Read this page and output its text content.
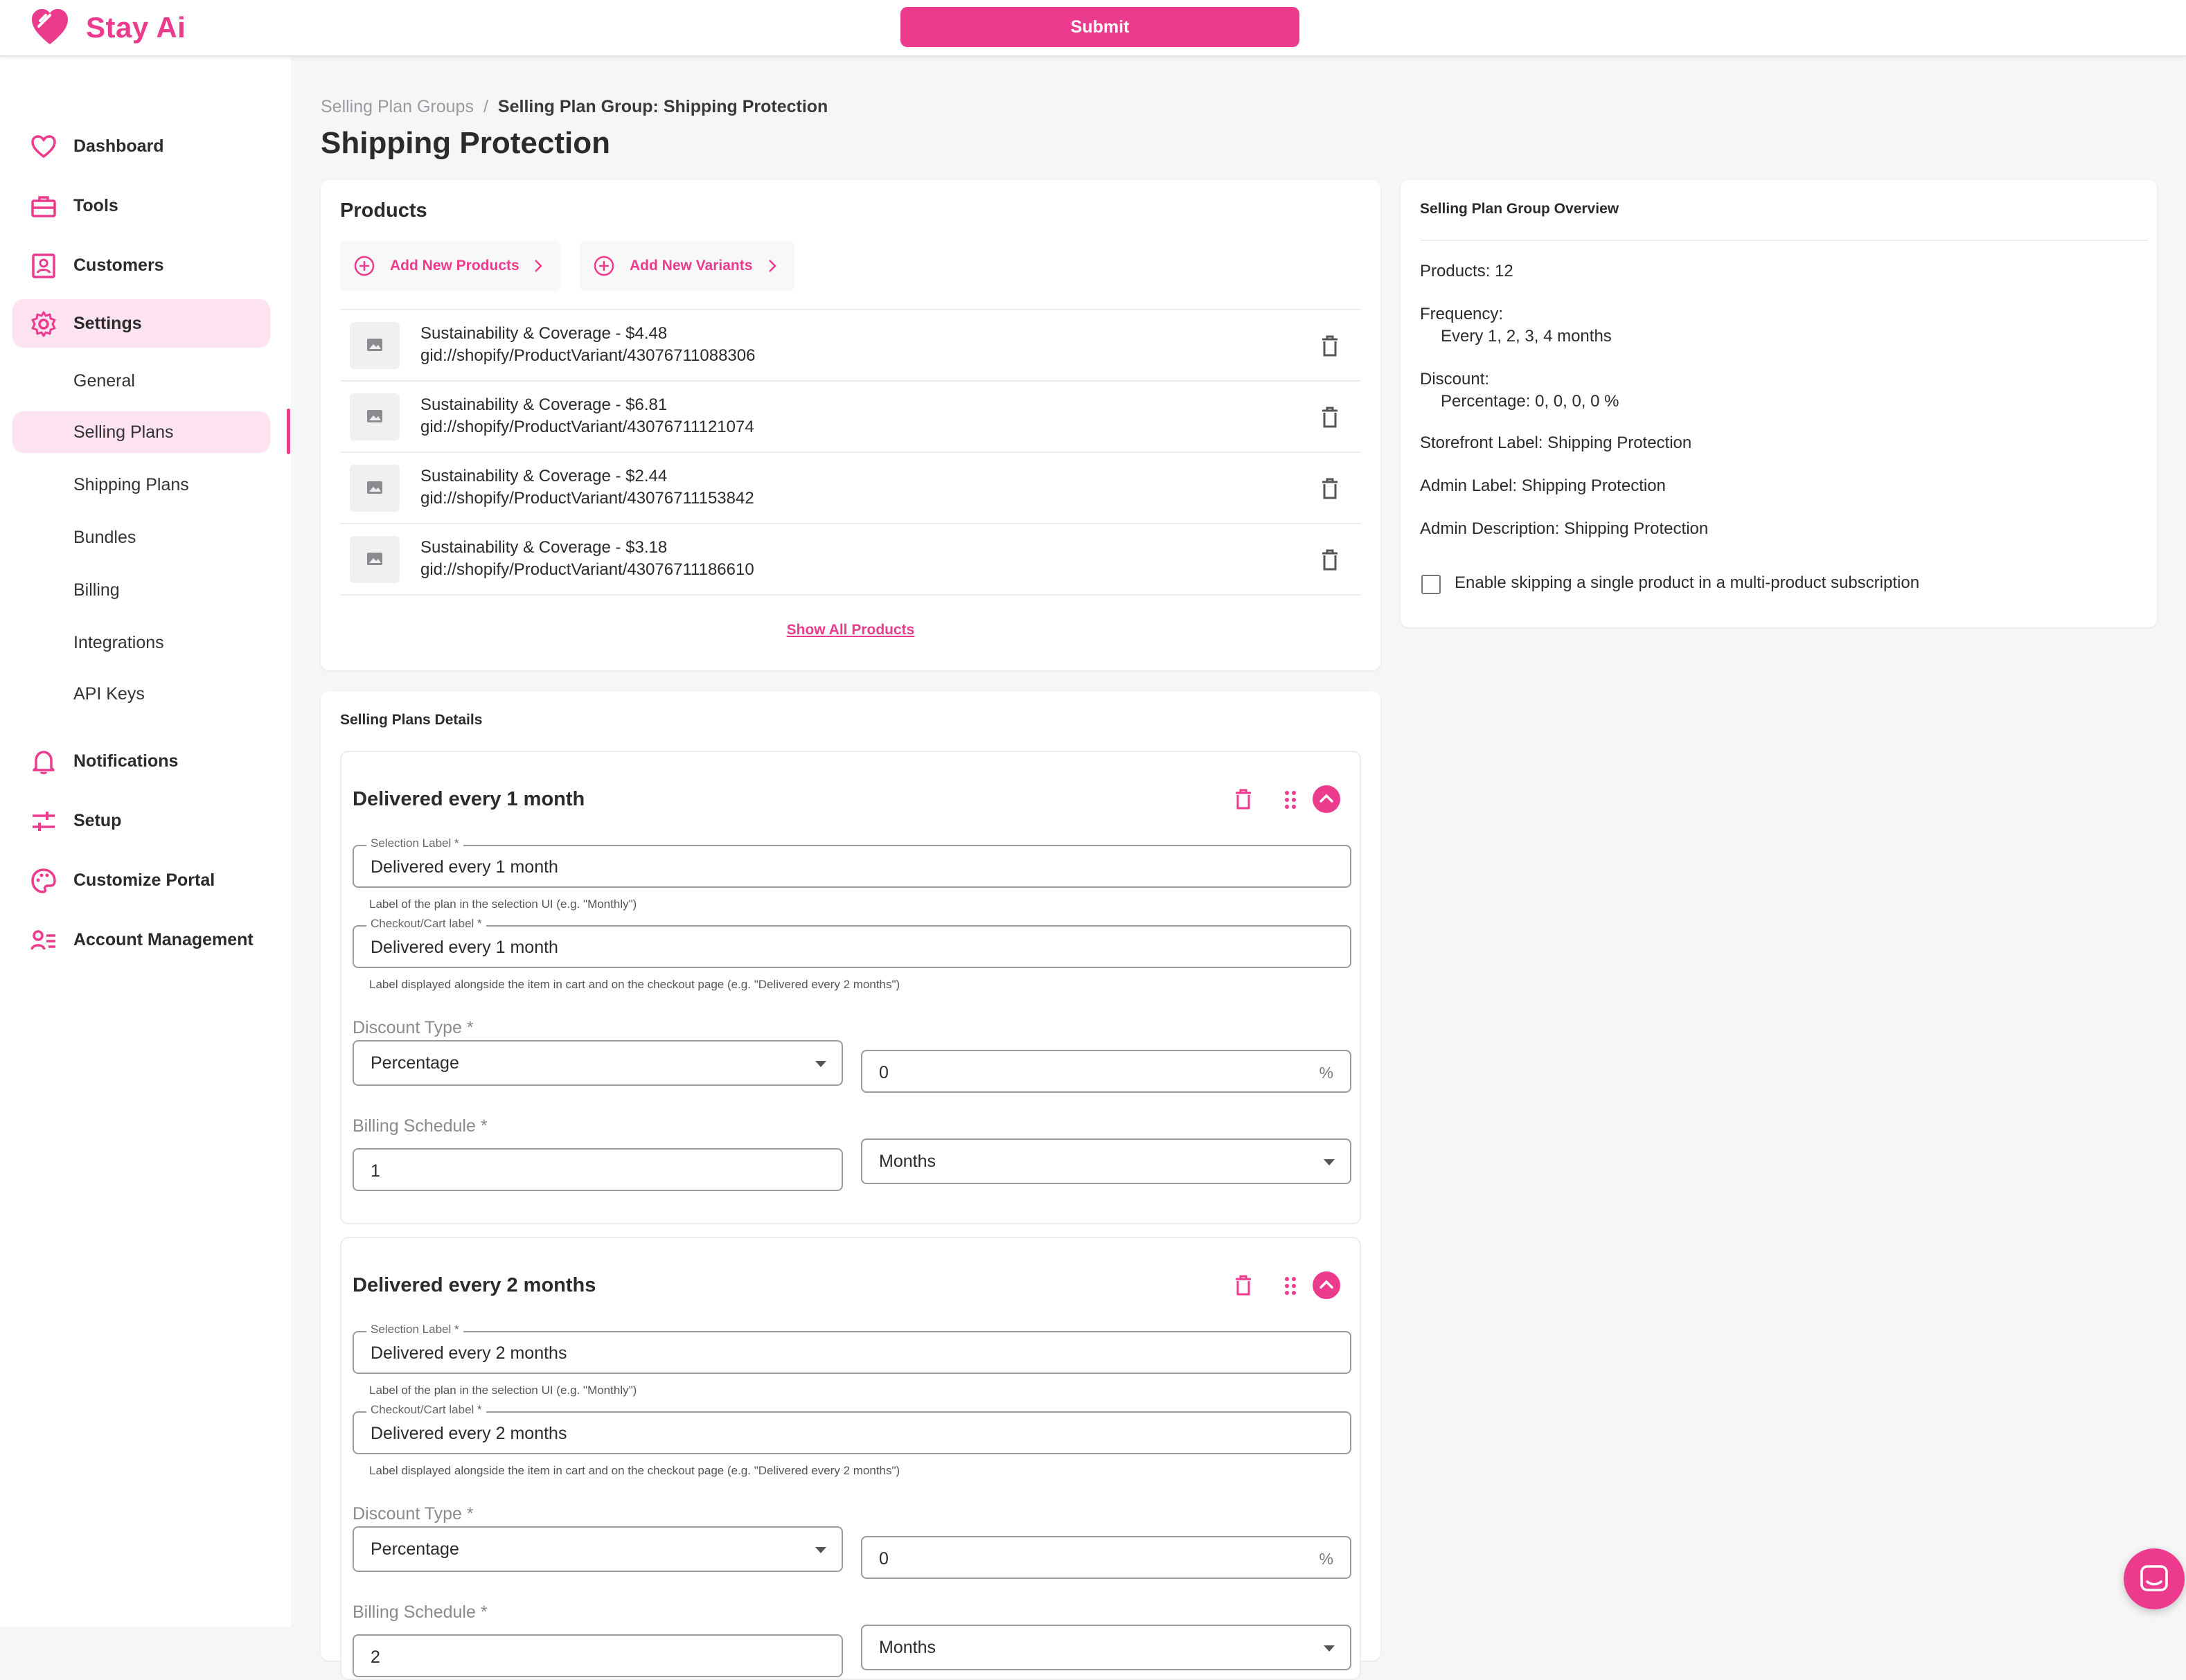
Stay Ai	Submit
Dashboard
Tools
Customers
Settings
General
Selling Plans
Shipping Plans
Bundles
Billing
Integrations
API Keys
Notifications
Setup
Customize Portal
Account Management
Selling Plan Groups / Selling Plan Group: Shipping Protection
Shipping Protection
Products
Add New Products	Add New Variants
Sustainability & Coverage - $4.48
gid://shopify/ProductVariant/43076711088306
Sustainability & Coverage - $6.81
gid://shopify/ProductVariant/43076711121074
Sustainability & Coverage - $2.44
gid://shopify/ProductVariant/43076711153842
Sustainability & Coverage - $3.18
gid://shopify/ProductVariant/43076711186610
Show All Products
Selling Plan Group Overview
Products: 12
Frequency:
Every 1, 2, 3, 4 months
Discount:
Percentage: 0, 0, 0, 0 %
Storefront Label: Shipping Protection
Admin Label: Shipping Protection
Admin Description: Shipping Protection
Enable skipping a single product in a multi-product subscription
Selling Plans Details
Delivered every 1 month
Selection Label *
Delivered every 1 month
Label of the plan in the selection UI (e.g. "Monthly")
Checkout/Cart label *
Delivered every 1 month
Label displayed alongside the item in cart and on the checkout page (e.g. "Delivered every 2 months")
Discount Type *
Percentage	0	%
Billing Schedule *
1	Months
Delivered every 2 months
Selection Label *
Delivered every 2 months
Label of the plan in the selection UI (e.g. "Monthly")
Checkout/Cart label *
Delivered every 2 months
Label displayed alongside the item in cart and on the checkout page (e.g. "Delivered every 2 months")
Discount Type *
Percentage	0	%
Billing Schedule *
2	Months
